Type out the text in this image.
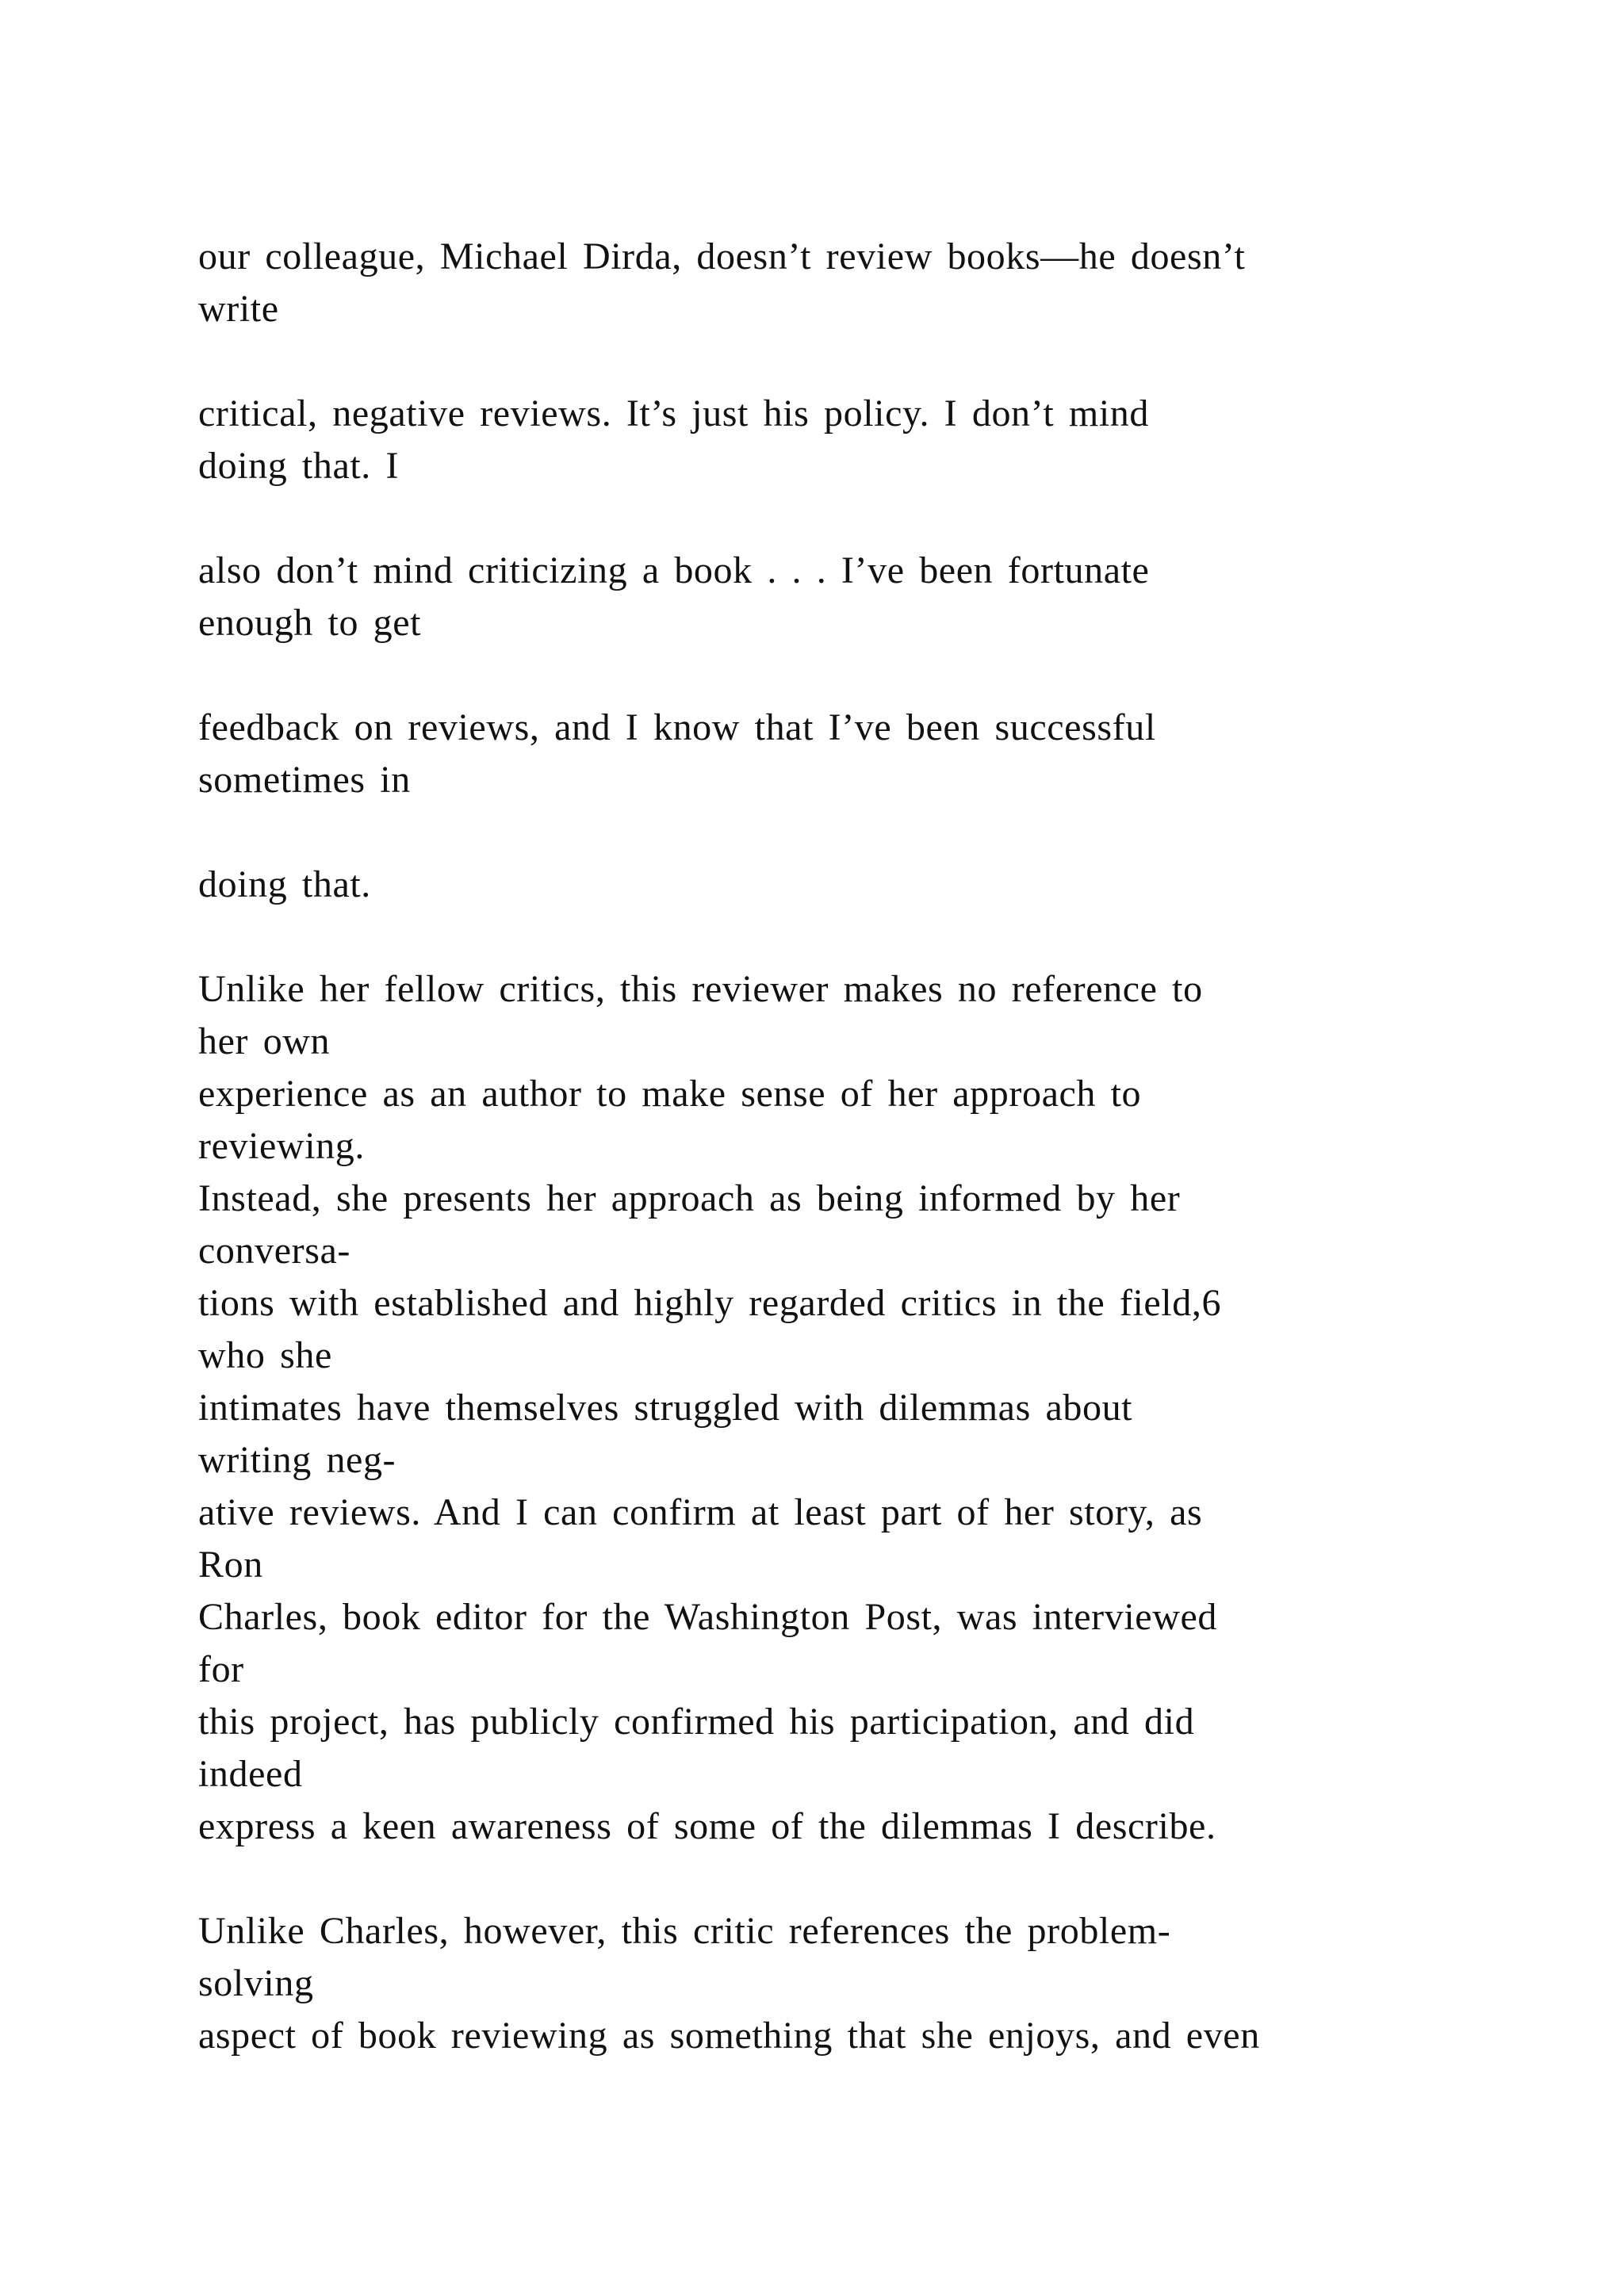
our colleague, Michael Dirda, doesn’t review books—he doesn’t
write
critical, negative reviews. It’s just his policy. I don’t mind
doing that. I
also don’t mind criticizing a book . . . I’ve been fortunate
enough to get
feedback on reviews, and I know that I’ve been successful
sometimes in
doing that.
Unlike her fellow critics, this reviewer makes no reference to
her own
experience as an author to make sense of her approach to
reviewing.
Instead, she presents her approach as being informed by her
conversa-
tions with established and highly regarded critics in the field,6
who she
intimates have themselves struggled with dilemmas about
writing neg-
ative reviews. And I can confirm at least part of her story, as
Ron
Charles, book editor for the Washington Post, was interviewed
for
this project, has publicly confirmed his participation, and did
indeed
express a keen awareness of some of the dilemmas I describe.
Unlike Charles, however, this critic references the problem-
solving
aspect of book reviewing as something that she enjoys, and even
